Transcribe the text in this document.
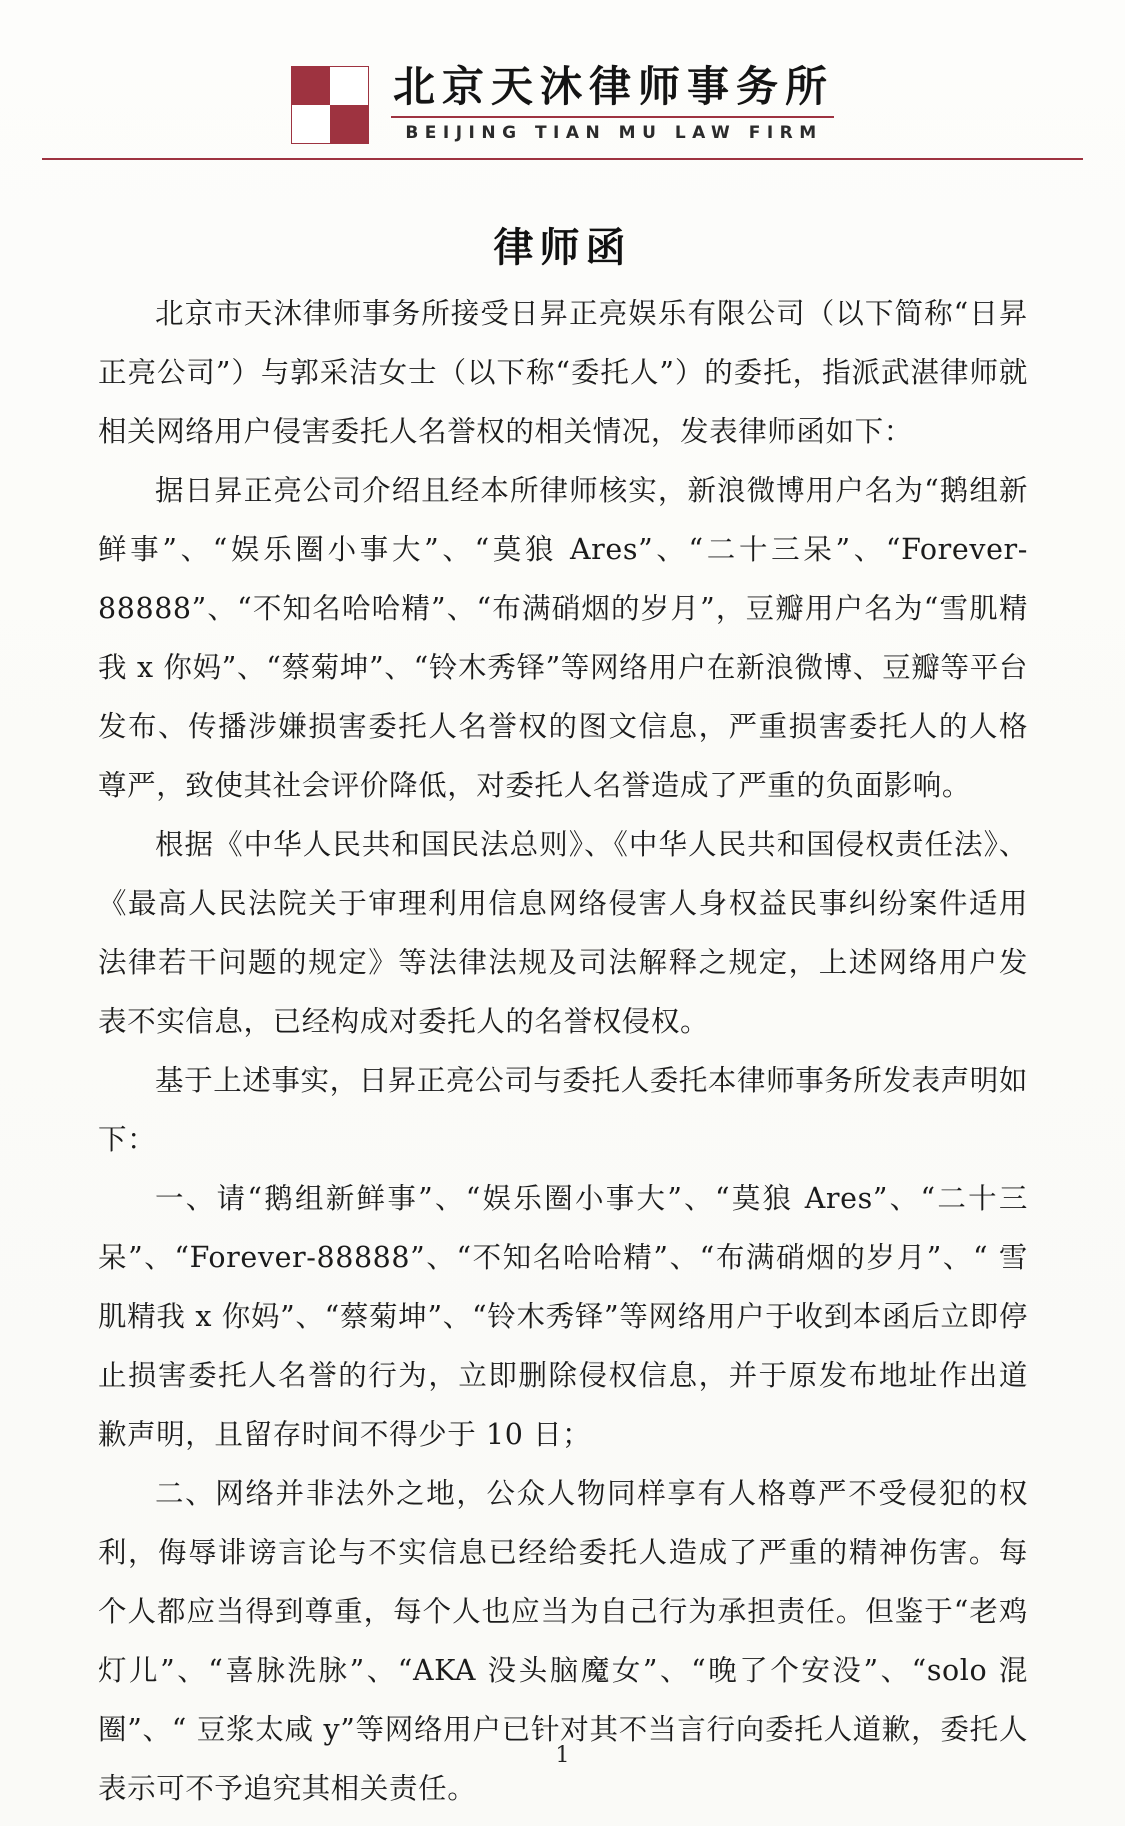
北京天沐律师事务所
BEIJING TIAN MU LAW FIRM
律师函

北京市天沐律师事务所接受日昇正亮娱乐有限公司（以下简称“日昇正亮公司”）与郭采洁女士（以下称“委托人”）的委托，指派武湛律师就相关网络用户侵害委托人名誉权的相关情况，发表律师函如下：

据日昇正亮公司介绍且经本所律师核实，新浪微博用户名为“鹅组新鲜事”、“娱乐圈小事大”、“莫狼 Ares”、“二十三呆”、“Forever-88888”、“不知名哈哈精”、“布满硝烟的岁月”，豆瓣用户名为“雪肌精我 x 你妈”、“蔡菊坤”、“铃木秀铎”等网络用户在新浪微博、豆瓣等平台发布、传播涉嫌损害委托人名誉权的图文信息，严重损害委托人的人格尊严，致使其社会评价降低，对委托人名誉造成了严重的负面影响。

根据《中华人民共和国民法总则》、《中华人民共和国侵权责任法》、《最高人民法院关于审理利用信息网络侵害人身权益民事纠纷案件适用法律若干问题的规定》等法律法规及司法解释之规定，上述网络用户发表不实信息，已经构成对委托人的名誉权侵权。

基于上述事实，日昇正亮公司与委托人委托本律师事务所发表声明如下：

一、请“鹅组新鲜事”、“娱乐圈小事大”、“莫狼 Ares”、“二十三呆”、“Forever-88888”、“不知名哈哈精”、“布满硝烟的岁月”、“ 雪肌精我 x 你妈”、“蔡菊坤”、“铃木秀铎”等网络用户于收到本函后立即停止损害委托人名誉的行为，立即删除侵权信息，并于原发布地址作出道歉声明，且留存时间不得少于 10 日；

二、网络并非法外之地，公众人物同样享有人格尊严不受侵犯的权利，侮辱诽谤言论与不实信息已经给委托人造成了严重的精神伤害。每个人都应当得到尊重，每个人也应当为自己行为承担责任。但鉴于“老鸡灯儿”、“喜脉洗脉”、“AKA 没头脑魔女”、“晚了个安没”、“solo 混圈”、“ 豆浆太咸 y”等网络用户已针对其不当言行向委托人道歉，委托人表示可不予追究其相关责任。

1
